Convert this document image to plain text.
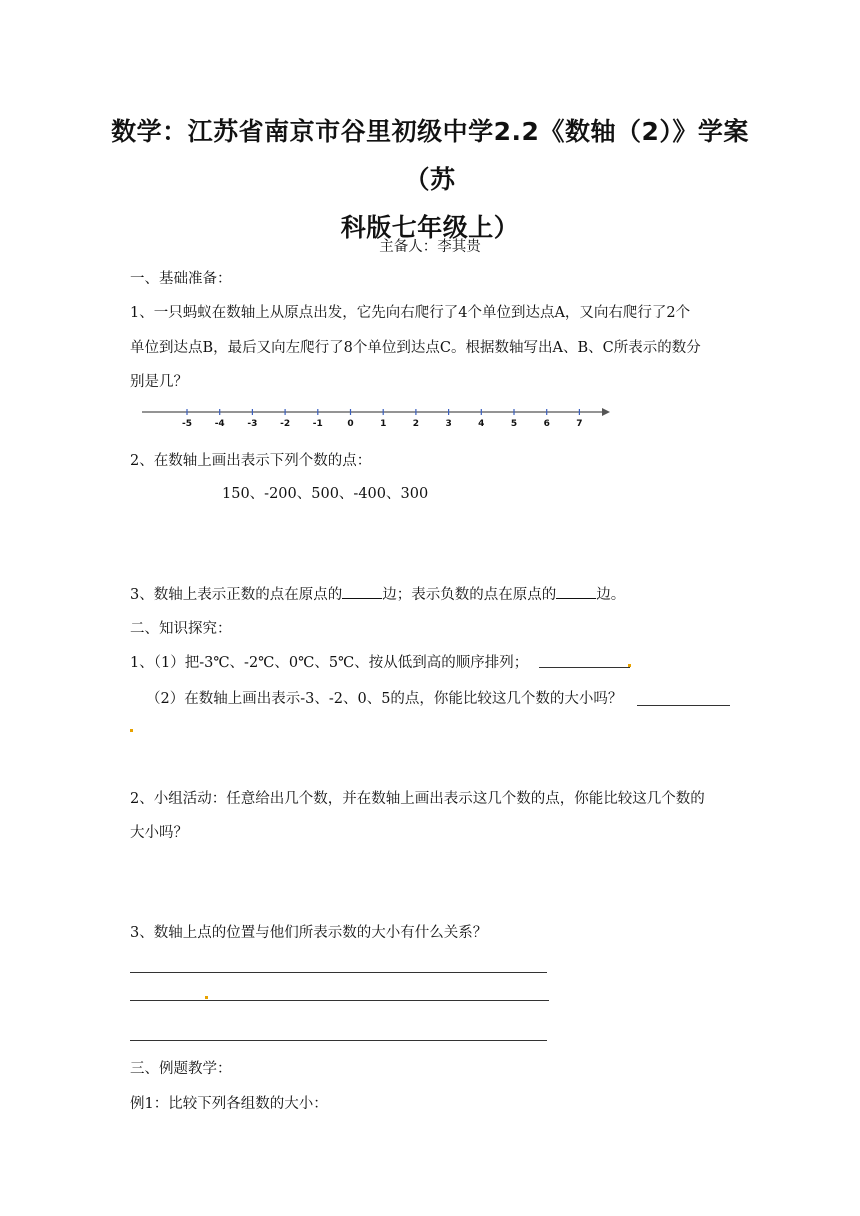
数学：江苏省南京市谷里初级中学2.2《数轴（2）》学案（苏
科版七年级上）
主备人：李其贵
一、基础准备：
1、一只蚂蚁在数轴上从原点出发，它先向右爬行了4个单位到达点A，又向右爬行了2个
单位到达点B，最后又向左爬行了8个单位到达点C。根据数轴写出A、B、C所表示的数分
别是几？
-5	-4	-3	-2	-1	0	1	2	3	4	5	6	7
2、在数轴上画出表示下列个数的点：
150、-200、500、-400、300
3、数轴上表示正数的点在原点的	边；表示负数的点在原点的	边。
二、知识探究：
1、（1）把-3℃、-2℃、0℃、5℃、按从低到高的顺序排列；
（2）在数轴上画出表示-3、-2、0、5的点，你能比较这几个数的大小吗？
2、小组活动：任意给出几个数，并在数轴上画出表示这几个数的点，你能比较这几个数的
大小吗？
3、数轴上点的位置与他们所表示数的大小有什么关系？
三、例题教学：
例1：比较下列各组数的大小：
